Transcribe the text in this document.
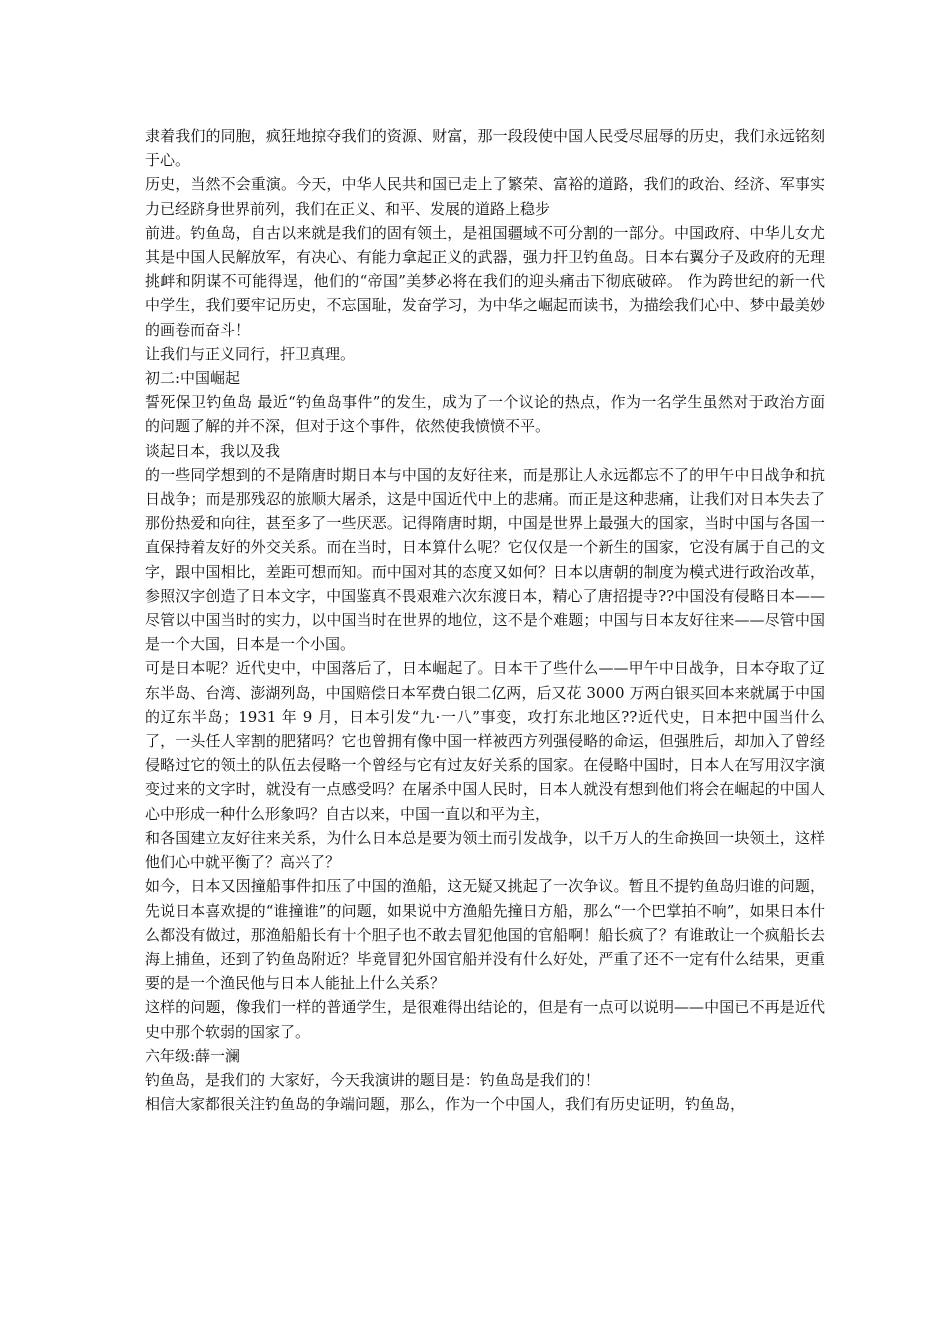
隶着我们的同胞，疯狂地掠夺我们的资源、财富，那一段段使中国人民受尽屈辱的历史，我们永远铭刻于心。

历史，当然不会重演。今天，中华人民共和国已走上了繁荣、富裕的道路，我们的政治、经济、军事实力已经跻身世界前列，我们在正义、和平、发展的道路上稳步

前进。钓鱼岛，自古以来就是我们的固有领土，是祖国疆域不可分割的一部分。中国政府、中华儿女尤其是中国人民解放军，有决心、有能力拿起正义的武器，强力扞卫钓鱼岛。日本右翼分子及政府的无理挑衅和阴谋不可能得逞，他们的“帝国”美梦必将在我们的迎头痛击下彻底破碎。 作为跨世纪的新一代中学生，我们要牢记历史，不忘国耻，发奋学习，为中华之崛起而读书，为描绘我们心中、梦中最美妙的画卷而奋斗！

让我们与正义同行，扞卫真理。

初二:中国崛起

誓死保卫钓鱼岛 最近“钓鱼岛事件”的发生，成为了一个议论的热点，作为一名学生虽然对于政治方面的问题了解的并不深，但对于这个事件，依然使我愤愤不平。

谈起日本，我以及我

的一些同学想到的不是隋唐时期日本与中国的友好往来，而是那让人永远都忘不了的甲午中日战争和抗日战争；而是那残忍的旅顺大屠杀，这是中国近代中上的悲痛。而正是这种悲痛，让我们对日本失去了那份热爱和向往，甚至多了一些厌恶。记得隋唐时期，中国是世界上最强大的国家，当时中国与各国一直保持着友好的外交关系。而在当时，日本算什么呢？它仅仅是一个新生的国家，它没有属于自己的文字，跟中国相比，差距可想而知。而中国对其的态度又如何？日本以唐朝的制度为模式进行政治改革，参照汉字创造了日本文字，中国鉴真不畏艰难六次东渡日本，精心了唐招提寺??中国没有侵略日本——尽管以中国当时的实力，以中国当时在世界的地位，这不是个难题；中国与日本友好往来——尽管中国是一个大国，日本是一个小国。

可是日本呢？近代史中，中国落后了，日本崛起了。日本干了些什么——甲午中日战争，日本夺取了辽东半岛、台湾、澎湖列岛，中国赔偿日本军费白银二亿两，后又花 3000 万两白银买回本来就属于中国的辽东半岛；1931 年 9 月，日本引发“九·一八”事变，攻打东北地区??近代史，日本把中国当什么了，一头任人宰割的肥猪吗？它也曾拥有像中国一样被西方列强侵略的命运，但强胜后，却加入了曾经侵略过它的领土的队伍去侵略一个曾经与它有过友好关系的国家。在侵略中国时，日本人在写用汉字演变过来的文字时，就没有一点感受吗？在屠杀中国人民时，日本人就没有想到他们将会在崛起的中国人心中形成一种什么形象吗？自古以来，中国一直以和平为主，

和各国建立友好往来关系，为什么日本总是要为领土而引发战争，以千万人的生命换回一块领土，这样他们心中就平衡了？高兴了？

如今，日本又因撞船事件扣压了中国的渔船，这无疑又挑起了一次争议。暂且不提钓鱼岛归谁的问题，先说日本喜欢提的“谁撞谁”的问题，如果说中方渔船先撞日方船，那么“一个巴掌拍不响”，如果日本什么都没有做过，那渔船船长有十个胆子也不敢去冒犯他国的官船啊！船长疯了？有谁敢让一个疯船长去海上捕鱼，还到了钓鱼岛附近？毕竟冒犯外国官船并没有什么好处，严重了还不一定有什么结果，更重要的是一个渔民他与日本人能扯上什么关系？

这样的问题，像我们一样的普通学生，是很难得出结论的，但是有一点可以说明——中国已不再是近代史中那个软弱的国家了。

六年级:薛一澜

钓鱼岛，是我们的 大家好，今天我演讲的题目是：钓鱼岛是我们的！

相信大家都很关注钓鱼岛的争端问题，那么，作为一个中国人，我们有历史证明，钓鱼岛，
